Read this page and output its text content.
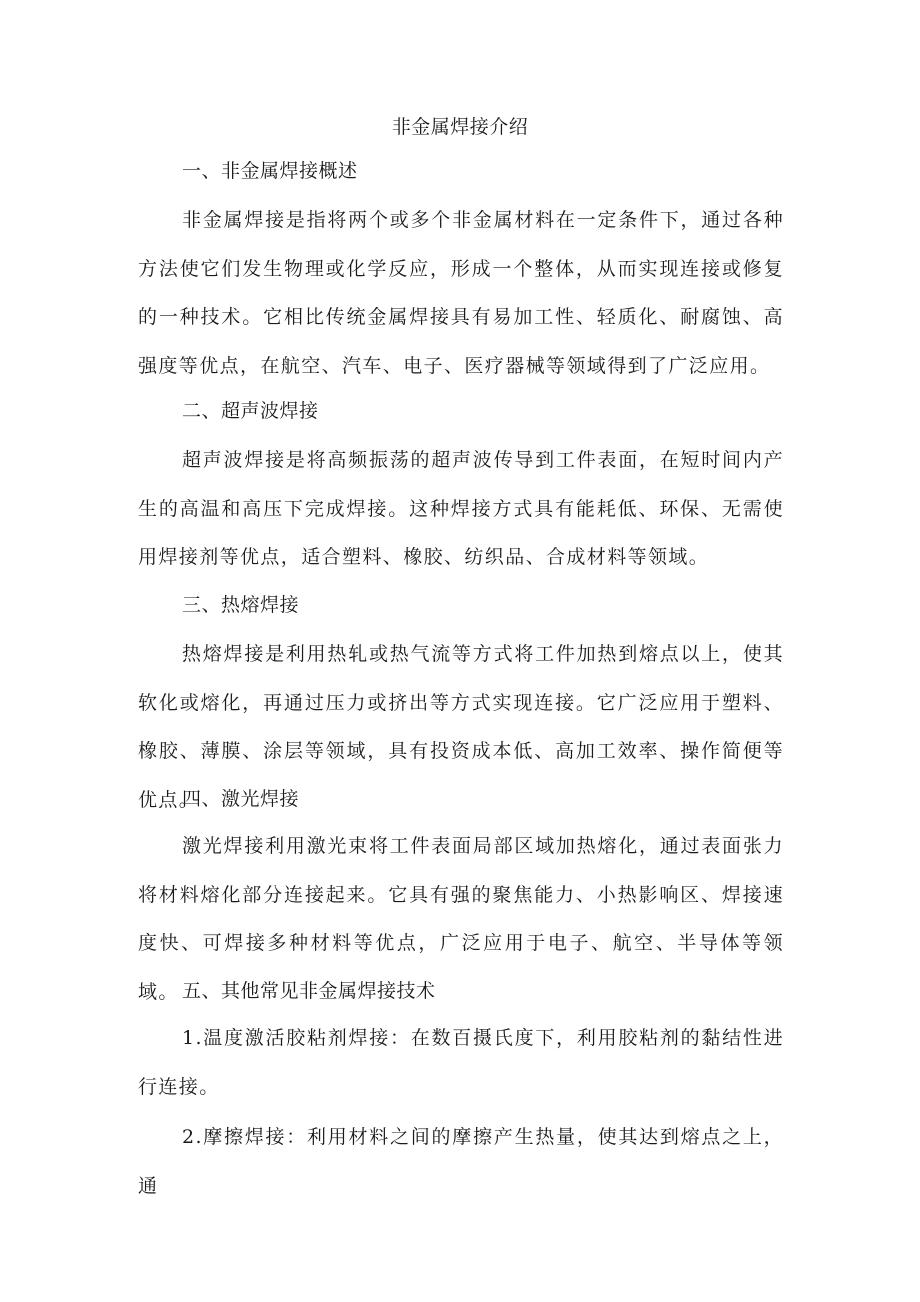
非金属焊接介绍
一、非金属焊接概述
非金属焊接是指将两个或多个非金属材料在一定条件下，通过各种方法使它们发生物理或化学反应，形成一个整体，从而实现连接或修复的一种技术。它相比传统金属焊接具有易加工性、轻质化、耐腐蚀、高强度等优点，在航空、汽车、电子、医疗器械等领域得到了广泛应用。
二、超声波焊接
超声波焊接是将高频振荡的超声波传导到工件表面，在短时间内产生的高温和高压下完成焊接。这种焊接方式具有能耗低、环保、无需使用焊接剂等优点，适合塑料、橡胶、纺织品、合成材料等领域。
三、热熔焊接
热熔焊接是利用热轧或热气流等方式将工件加热到熔点以上，使其软化或熔化，再通过压力或挤出等方式实现连接。它广泛应用于塑料、橡胶、薄膜、涂层等领域，具有投资成本低、高加工效率、操作简便等优点。
四、激光焊接
激光焊接利用激光束将工件表面局部区域加热熔化，通过表面张力将材料熔化部分连接起来。它具有强的聚焦能力、小热影响区、焊接速度快、可焊接多种材料等优点，广泛应用于电子、航空、半导体等领域。 五、其他常见非金属焊接技术
1.温度激活胶粘剂焊接：在数百摄氏度下，利用胶粘剂的黏结性进行连接。
2.摩擦焊接：利用材料之间的摩擦产生热量，使其达到熔点之上，通
